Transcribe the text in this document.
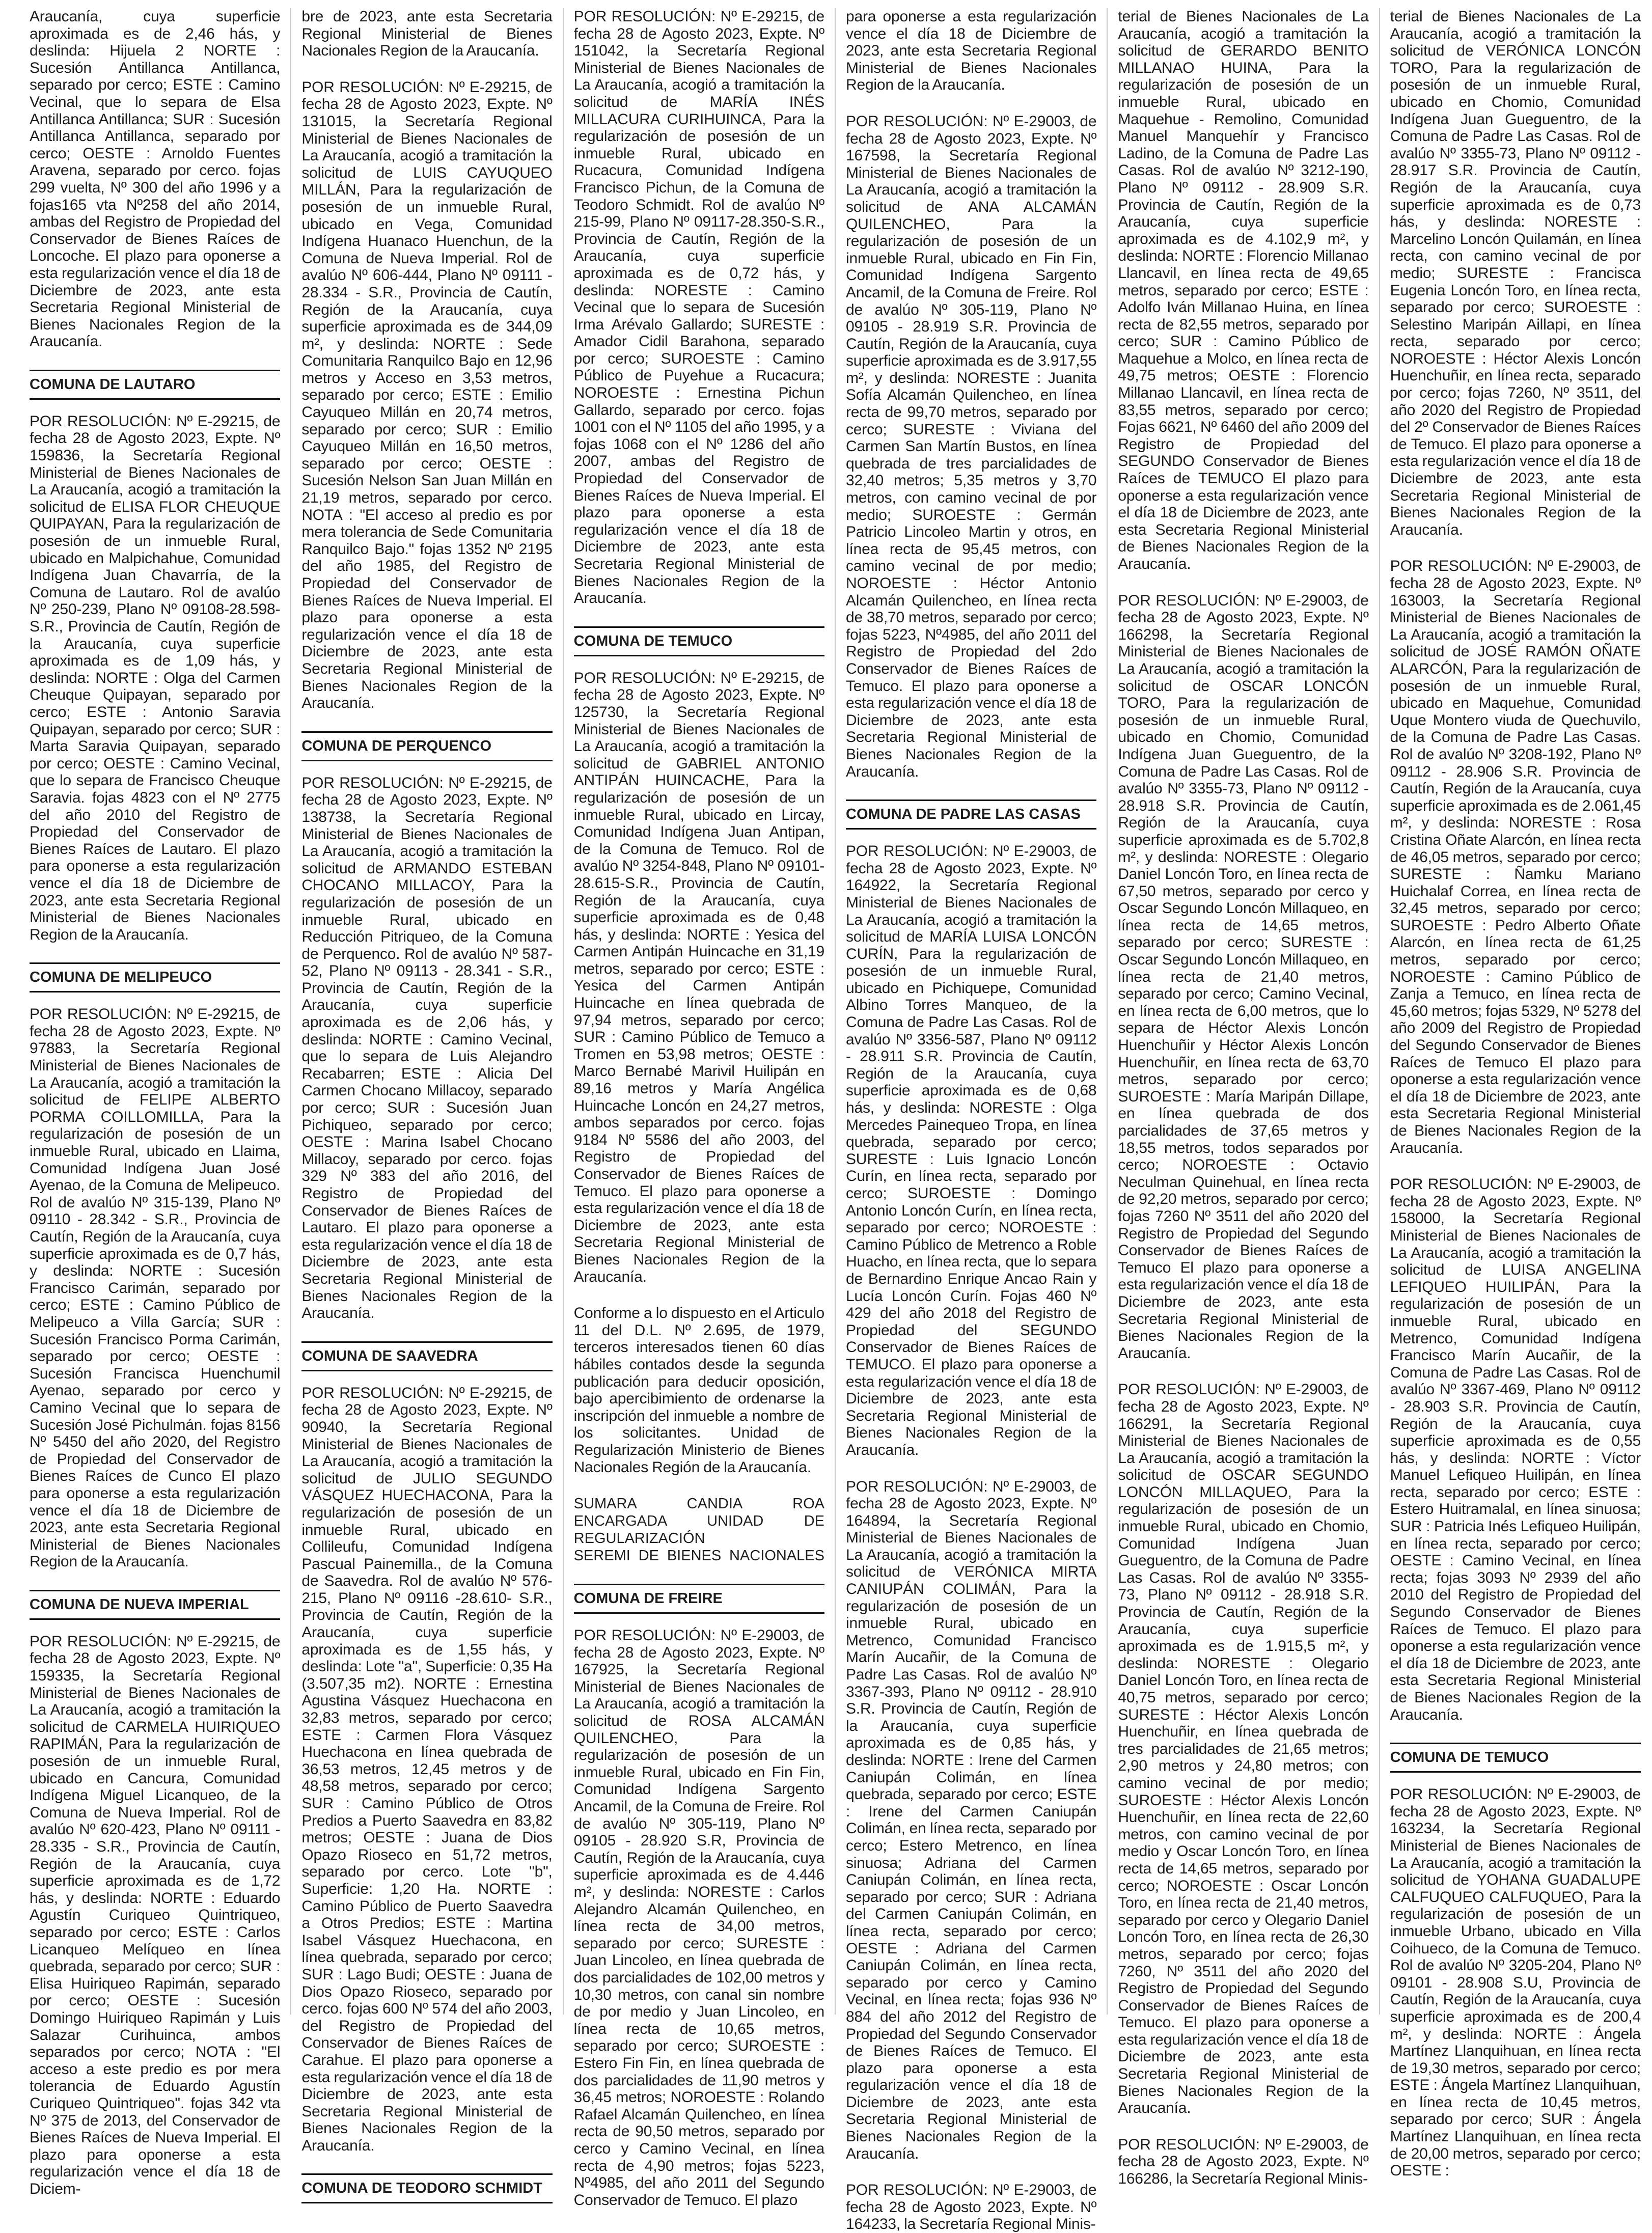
Araucanía, cuya superficie aproximada es de 2,46 hás, y deslinda: Hijuela 2 NORTE : Sucesión Antillanca Antillanca, separado por cerco; ESTE : Camino Vecinal, que lo separa de Elsa Antillanca Antillanca; SUR : Sucesión Antillanca Antillanca, separado por cerco; OESTE : Arnoldo Fuentes Aravena, separado por cerco. fojas 299 vuelta, Nº 300 del año 1996 y a fojas165 vta Nº258 del año 2014, ambas del Registro de Propiedad del Conservador de Bienes Raíces de Loncoche. El plazo para oponerse a esta regularización vence el día 18 de Diciembre de 2023, ante esta Secretaria Regional Ministerial de Bienes Nacionales Region de la Araucanía.

COMUNA DE LAUTARO

POR RESOLUCIÓN: Nº E-29215, de fecha 28 de Agosto 2023, Expte. Nº 159836, la Secretaría Regional Ministerial de Bienes Nacionales de La Araucanía, acogió a tramitación la solicitud de ELISA FLOR CHEUQUE QUIPAYAN, Para la regularización de posesión de un inmueble Rural, ubicado en Malpichahue, Comunidad Indígena Juan Chavarría, de la Comuna de Lautaro. Rol de avalúo Nº 250-239, Plano Nº 09108-28.598-S.R., Provincia de Cautín, Región de la Araucanía, cuya superficie aproximada es de 1,09 hás, y deslinda: NORTE : Olga del Carmen Cheuque Quipayan, separado por cerco; ESTE : Antonio Saravia Quipayan, separado por cerco; SUR : Marta Saravia Quipayan, separado por cerco; OESTE : Camino Vecinal, que lo separa de Francisco Cheuque Saravia. fojas 4823 con el Nº 2775 del año 2010 del Registro de Propiedad del Conservador de Bienes Raíces de Lautaro. El plazo para oponerse a esta regularización vence el día 18 de Diciembre de 2023, ante esta Secretaria Regional Ministerial de Bienes Nacionales Region de la Araucanía.

COMUNA DE MELIPEUCO

POR RESOLUCIÓN: Nº E-29215, de fecha 28 de Agosto 2023, Expte. Nº 97883, la Secretaría Regional Ministerial de Bienes Nacionales de La Araucanía, acogió a tramitación la solicitud de FELIPE ALBERTO PORMA COILLOMILLA, Para la regularización de posesión de un inmueble Rural, ubicado en Llaima, Comunidad Indígena Juan José Ayenao, de la Comuna de Melipeuco. Rol de avalúo Nº 315-139, Plano Nº 09110 - 28.342 - S.R., Provincia de Cautín, Región de la Araucanía, cuya superficie aproximada es de 0,7 hás, y deslinda: NORTE : Sucesión Francisco Carimán, separado por cerco; ESTE : Camino Público de Melipeuco a Villa García; SUR : Sucesión Francisco Porma Carimán, separado por cerco; OESTE : Sucesión Francisca Huenchumil Ayenao, separado por cerco y Camino Vecinal que lo separa de Sucesión José Pichulmán. fojas 8156 Nº 5450 del año 2020, del Registro de Propiedad del Conservador de Bienes Raíces de Cunco El plazo para oponerse a esta regularización vence el día 18 de Diciembre de 2023, ante esta Secretaria Regional Ministerial de Bienes Nacionales Region de la Araucanía.

COMUNA DE NUEVA IMPERIAL

POR RESOLUCIÓN: Nº E-29215, de fecha 28 de Agosto 2023, Expte. Nº 159335, la Secretaría Regional Ministerial de Bienes Nacionales de La Araucanía, acogió a tramitación la solicitud de CARMELA HUIRIQUEO RAPIMÁN, Para la regularización de posesión de un inmueble Rural, ubicado en Cancura, Comunidad Indígena Miguel Licanqueo, de la Comuna de Nueva Imperial. Rol de avalúo Nº 620-423, Plano Nº 09111 - 28.335 - S.R., Provincia de Cautín, Región de la Araucanía, cuya superficie aproximada es de 1,72 hás, y deslinda: NORTE : Eduardo Agustín Curiqueo Quintriqueo, separado por cerco; ESTE : Carlos Licanqueo Melíqueo en línea quebrada, separado por cerco; SUR : Elisa Huiriqueo Rapimán, separado por cerco; OESTE : Sucesión Domingo Huiriqueo Rapimán y Luis Salazar Curihuinca, ambos separados por cerco; NOTA : "El acceso a este predio es por mera tolerancia de Eduardo Agustín Curiqueo Quintriqueo". fojas 342 vta Nº 375 de 2013, del Conservador de Bienes Raíces de Nueva Imperial. El plazo para oponerse a esta regularización vence el día 18 de Diciem-

bre de 2023, ante esta Secretaria Regional Ministerial de Bienes Nacionales Region de la Araucanía.

POR RESOLUCIÓN: Nº E-29215, de fecha 28 de Agosto 2023, Expte. Nº 131015, la Secretaría Regional Ministerial de Bienes Nacionales de La Araucanía, acogió a tramitación la solicitud de LUIS CAYUQUEO MILLÁN, Para la regularización de posesión de un inmueble Rural, ubicado en Vega, Comunidad Indígena Huanaco Huenchun, de la Comuna de Nueva Imperial. Rol de avalúo Nº 606-444, Plano Nº 09111 - 28.334 - S.R., Provincia de Cautín, Región de la Araucanía, cuya superficie aproximada es de 344,09 m², y deslinda: NORTE : Sede Comunitaria Ranquilco Bajo en 12,96 metros y Acceso en 3,53 metros, separado por cerco; ESTE : Emilio Cayuqueo Millán en 20,74 metros, separado por cerco; SUR : Emilio Cayuqueo Millán en 16,50 metros, separado por cerco; OESTE : Sucesión Nelson San Juan Millán en 21,19 metros, separado por cerco. NOTA : "El acceso al predio es por mera tolerancia de Sede Comunitaria Ranquilco Bajo." fojas 1352 Nº 2195 del año 1985, del Registro de Propiedad del Conservador de Bienes Raíces de Nueva Imperial. El plazo para oponerse a esta regularización vence el día 18 de Diciembre de 2023, ante esta Secretaria Regional Ministerial de Bienes Nacionales Region de la Araucanía.

COMUNA DE PERQUENCO

POR RESOLUCIÓN: Nº E-29215, de fecha 28 de Agosto 2023, Expte. Nº 138738, la Secretaría Regional Ministerial de Bienes Nacionales de La Araucanía, acogió a tramitación la solicitud de ARMANDO ESTEBAN CHOCANO MILLACOY, Para la regularización de posesión de un inmueble Rural, ubicado en Reducción Pitriqueo, de la Comuna de Perquenco. Rol de avalúo Nº 587-52, Plano Nº 09113 - 28.341 - S.R., Provincia de Cautín, Región de la Araucanía, cuya superficie aproximada es de 2,06 hás, y deslinda: NORTE : Camino Vecinal, que lo separa de Luis Alejandro Recabarren; ESTE : Alicia Del Carmen Chocano Millacoy, separado por cerco; SUR : Sucesión Juan Pichiqueo, separado por cerco; OESTE : Marina Isabel Chocano Millacoy, separado por cerco. fojas 329 Nº 383 del año 2016, del Registro de Propiedad del Conservador de Bienes Raíces de Lautaro. El plazo para oponerse a esta regularización vence el día 18 de Diciembre de 2023, ante esta Secretaria Regional Ministerial de Bienes Nacionales Region de la Araucanía.

COMUNA DE SAAVEDRA

POR RESOLUCIÓN: Nº E-29215, de fecha 28 de Agosto 2023, Expte. Nº 90940, la Secretaría Regional Ministerial de Bienes Nacionales de La Araucanía, acogió a tramitación la solicitud de JULIO SEGUNDO VÁSQUEZ HUECHACONA, Para la regularización de posesión de un inmueble Rural, ubicado en Collileufu, Comunidad Indígena Pascual Painemilla., de la Comuna de Saavedra. Rol de avalúo Nº 576-215, Plano Nº 09116 -28.610- S.R., Provincia de Cautín, Región de la Araucanía, cuya superficie aproximada es de 1,55 hás, y deslinda: Lote "a", Superficie: 0,35 Ha (3.507,35 m2). NORTE : Ernestina Agustina Vásquez Huechacona en 32,83 metros, separado por cerco; ESTE : Carmen Flora Vásquez Huechacona en línea quebrada de 36,53 metros, 12,45 metros y de 48,58 metros, separado por cerco; SUR : Camino Público de Otros Predios a Puerto Saavedra en 83,82 metros; OESTE : Juana de Dios Opazo Rioseco en 51,72 metros, separado por cerco. Lote "b", Superficie: 1,20 Ha. NORTE : Camino Público de Puerto Saavedra a Otros Predios; ESTE : Martina Isabel Vásquez Huechacona, en línea quebrada, separado por cerco; SUR : Lago Budi; OESTE : Juana de Dios Opazo Rioseco, separado por cerco. fojas 600 Nº 574 del año 2003, del Registro de Propiedad del Conservador de Bienes Raíces de Carahue. El plazo para oponerse a esta regularización vence el día 18 de Diciembre de 2023, ante esta Secretaria Regional Ministerial de Bienes Nacionales Region de la Araucanía.

COMUNA DE TEODORO SCHMIDT

POR RESOLUCIÓN: Nº E-29215, de fecha 28 de Agosto 2023, Expte. Nº 151042, la Secretaría Regional Ministerial de Bienes Nacionales de La Araucanía, acogió a tramitación la solicitud de MARÍA INÉS MILLACURA CURIHUINCA, Para la regularización de posesión de un inmueble Rural, ubicado en Rucacura, Comunidad Indígena Francisco Pichun, de la Comuna de Teodoro Schmidt. Rol de avalúo Nº 215-99, Plano Nº 09117-28.350-S.R., Provincia de Cautín, Región de la Araucanía, cuya superficie aproximada es de 0,72 hás, y deslinda: NORESTE : Camino Vecinal que lo separa de Sucesión Irma Arévalo Gallardo; SURESTE : Amador Cidil Barahona, separado por cerco; SUROESTE : Camino Público de Puyehue a Rucacura; NOROESTE : Ernestina Pichun Gallardo, separado por cerco. fojas 1001 con el Nº 1105 del año 1995, y a fojas 1068 con el Nº 1286 del año 2007, ambas del Registro de Propiedad del Conservador de Bienes Raíces de Nueva Imperial. El plazo para oponerse a esta regularización vence el día 18 de Diciembre de 2023, ante esta Secretaria Regional Ministerial de Bienes Nacionales Region de la Araucanía.

COMUNA DE TEMUCO

POR RESOLUCIÓN: Nº E-29215, de fecha 28 de Agosto 2023, Expte. Nº 125730, la Secretaría Regional Ministerial de Bienes Nacionales de La Araucanía, acogió a tramitación la solicitud de GABRIEL ANTONIO ANTIPÁN HUINCACHE, Para la regularización de posesión de un inmueble Rural, ubicado en Lircay, Comunidad Indígena Juan Antipan, de la Comuna de Temuco. Rol de avalúo Nº 3254-848, Plano Nº 09101-28.615-S.R., Provincia de Cautín, Región de la Araucanía, cuya superficie aproximada es de 0,48 hás, y deslinda: NORTE : Yesica del Carmen Antipán Huincache en 31,19 metros, separado por cerco; ESTE : Yesica del Carmen Antipán Huincache en línea quebrada de 97,94 metros, separado por cerco; SUR : Camino Público de Temuco a Tromen en 53,98 metros; OESTE : Marco Bernabé Marivil Huilipán en 89,16 metros y María Angélica Huincache Loncón en 24,27 metros, ambos separados por cerco. fojas 9184 Nº 5586 del año 2003, del Registro de Propiedad del Conservador de Bienes Raíces de Temuco. El plazo para oponerse a esta regularización vence el día 18 de Diciembre de 2023, ante esta Secretaria Regional Ministerial de Bienes Nacionales Region de la Araucanía.

Conforme a lo dispuesto en el Articulo 11 del D.L. Nº 2.695, de 1979, terceros interesados tienen 60 días hábiles contados desde la segunda publicación para deducir oposición, bajo apercibimiento de ordenarse la inscripción del inmueble a nombre de los solicitantes. Unidad de Regularización Ministerio de Bienes Nacionales Región de la Araucanía.

SUMARA CANDIA ROA
ENCARGADA UNIDAD DE
REGULARIZACIÓN
SEREMI DE BIENES NACIONALES
COMUNA DE FREIRE

POR RESOLUCIÓN: Nº E-29003, de fecha 28 de Agosto 2023, Expte. Nº 167925, la Secretaría Regional Ministerial de Bienes Nacionales de La Araucanía, acogió a tramitación la solicitud de ROSA ALCAMÁN QUILENCHEO, Para la regularización de posesión de un inmueble Rural, ubicado en Fin Fin, Comunidad Indígena Sargento Ancamil, de la Comuna de Freire. Rol de avalúo Nº 305-119, Plano Nº 09105 - 28.920 S.R, Provincia de Cautín, Región de la Araucanía, cuya superficie aproximada es de 4.446 m², y deslinda: NORESTE : Carlos Alejandro Alcamán Quilencheo, en línea recta de 34,00 metros, separado por cerco; SURESTE : Juan Lincoleo, en línea quebrada de dos parcialidades de 102,00 metros y 10,30 metros, con canal sin nombre de por medio y Juan Lincoleo, en línea recta de 10,65 metros, separado por cerco; SUROESTE : Estero Fin Fin, en línea quebrada de dos parcialidades de 11,90 metros y 36,45 metros; NOROESTE : Rolando Rafael Alcamán Quilencheo, en línea recta de 90,50 metros, separado por cerco y Camino Vecinal, en línea recta de 4,90 metros; fojas 5223, Nº4985, del año 2011 del Segundo Conservador de Temuco. El plazo

para oponerse a esta regularización vence el día 18 de Diciembre de 2023, ante esta Secretaria Regional Ministerial de Bienes Nacionales Region de la Araucanía.

POR RESOLUCIÓN: Nº E-29003, de fecha 28 de Agosto 2023, Expte. Nº 167598, la Secretaría Regional Ministerial de Bienes Nacionales de La Araucanía, acogió a tramitación la solicitud de ANA ALCAMÁN QUILENCHEO, Para la regularización de posesión de un inmueble Rural, ubicado en Fin Fin, Comunidad Indígena Sargento Ancamil, de la Comuna de Freire. Rol de avalúo Nº 305-119, Plano Nº 09105 - 28.919 S.R. Provincia de Cautín, Región de la Araucanía, cuya superficie aproximada es de 3.917,55 m², y deslinda: NORESTE : Juanita Sofía Alcamán Quilencheo, en línea recta de 99,70 metros, separado por cerco; SURESTE : Viviana del Carmen San Martín Bustos, en línea quebrada de tres parcialidades de 32,40 metros; 5,35 metros y 3,70 metros, con camino vecinal de por medio; SUROESTE : Germán Patricio Lincoleo Martin y otros, en línea recta de 95,45 metros, con camino vecinal de por medio; NOROESTE : Héctor Antonio Alcamán Quilencheo, en línea recta de 38,70 metros, separado por cerco; fojas 5223, Nº4985, del año 2011 del Registro de Propiedad del 2do Conservador de Bienes Raíces de Temuco. El plazo para oponerse a esta regularización vence el día 18 de Diciembre de 2023, ante esta Secretaria Regional Ministerial de Bienes Nacionales Region de la Araucanía.

COMUNA DE PADRE LAS CASAS

POR RESOLUCIÓN: Nº E-29003, de fecha 28 de Agosto 2023, Expte. Nº 164922, la Secretaría Regional Ministerial de Bienes Nacionales de La Araucanía, acogió a tramitación la solicitud de MARÍA LUISA LONCÓN CURÍN, Para la regularización de posesión de un inmueble Rural, ubicado en Pichiquepe, Comunidad Albino Torres Manqueo, de la Comuna de Padre Las Casas. Rol de avalúo Nº 3356-587, Plano Nº 09112 - 28.911 S.R. Provincia de Cautín, Región de la Araucanía, cuya superficie aproximada es de 0,68 hás, y deslinda: NORESTE : Olga Mercedes Painequeo Tropa, en línea quebrada, separado por cerco; SURESTE : Luis Ignacio Loncón Curín, en línea recta, separado por cerco; SUROESTE : Domingo Antonio Loncón Curín, en línea recta, separado por cerco; NOROESTE : Camino Público de Metrenco a Roble Huacho, en línea recta, que lo separa de Bernardino Enrique Ancao Rain y Lucía Loncón Curín. Fojas 460 Nº 429 del año 2018 del Registro de Propiedad del SEGUNDO Conservador de Bienes Raíces de TEMUCO. El plazo para oponerse a esta regularización vence el día 18 de Diciembre de 2023, ante esta Secretaria Regional Ministerial de Bienes Nacionales Region de la Araucanía.

POR RESOLUCIÓN: Nº E-29003, de fecha 28 de Agosto 2023, Expte. Nº 164894, la Secretaría Regional Ministerial de Bienes Nacionales de La Araucanía, acogió a tramitación la solicitud de VERÓNICA MIRTA CANIUPÁN COLIMÁN, Para la regularización de posesión de un inmueble Rural, ubicado en Metrenco, Comunidad Francisco Marín Aucañir, de la Comuna de Padre Las Casas. Rol de avalúo Nº 3367-393, Plano Nº 09112 - 28.910 S.R. Provincia de Cautín, Región de la Araucanía, cuya superficie aproximada es de 0,85 hás, y deslinda: NORTE : Irene del Carmen Caniupán Colimán, en línea quebrada, separado por cerco; ESTE : Irene del Carmen Caniupán Colimán, en línea recta, separado por cerco; Estero Metrenco, en línea sinuosa; Adriana del Carmen Caniupán Colimán, en línea recta, separado por cerco; SUR : Adriana del Carmen Caniupán Colimán, en línea recta, separado por cerco; OESTE : Adriana del Carmen Caniupán Colimán, en línea recta, separado por cerco y Camino Vecinal, en línea recta; fojas 936 Nº 884 del año 2012 del Registro de Propiedad del Segundo Conservador de Bienes Raíces de Temuco. El plazo para oponerse a esta regularización vence el día 18 de Diciembre de 2023, ante esta Secretaria Regional Ministerial de Bienes Nacionales Region de la Araucanía.

POR RESOLUCIÓN: Nº E-29003, de fecha 28 de Agosto 2023, Expte. Nº 164233, la Secretaría Regional Minis-

terial de Bienes Nacionales de La Araucanía, acogió a tramitación la solicitud de GERARDO BENITO MILLANAO HUINA, Para la regularización de posesión de un inmueble Rural, ubicado en Maquehue - Remolino, Comunidad Manuel Manquehír y Francisco Ladino, de la Comuna de Padre Las Casas. Rol de avalúo Nº 3212-190, Plano Nº 09112 - 28.909 S.R. Provincia de Cautín, Región de la Araucanía, cuya superficie aproximada es de 4.102,9 m², y deslinda: NORTE : Florencio Millanao Llancavil, en línea recta de 49,65 metros, separado por cerco; ESTE : Adolfo Iván Millanao Huina, en línea recta de 82,55 metros, separado por cerco; SUR : Camino Público de Maquehue a Molco, en línea recta de 49,75 metros; OESTE : Florencio Millanao Llancavil, en línea recta de 83,55 metros, separado por cerco; Fojas 6621, Nº 6460 del año 2009 del Registro de Propiedad del SEGUNDO Conservador de Bienes Raíces de TEMUCO El plazo para oponerse a esta regularización vence el día 18 de Diciembre de 2023, ante esta Secretaria Regional Ministerial de Bienes Nacionales Region de la Araucanía.

POR RESOLUCIÓN: Nº E-29003, de fecha 28 de Agosto 2023, Expte. Nº 166298, la Secretaría Regional Ministerial de Bienes Nacionales de La Araucanía, acogió a tramitación la solicitud de OSCAR LONCÓN TORO, Para la regularización de posesión de un inmueble Rural, ubicado en Chomio, Comunidad Indígena Juan Gueguentro, de la Comuna de Padre Las Casas. Rol de avalúo Nº 3355-73, Plano Nº 09112 - 28.918 S.R. Provincia de Cautín, Región de la Araucanía, cuya superficie aproximada es de 5.702,8 m², y deslinda: NORESTE : Olegario Daniel Loncón Toro, en línea recta de 67,50 metros, separado por cerco y Oscar Segundo Loncón Millaqueo, en línea recta de 14,65 metros, separado por cerco; SURESTE : Oscar Segundo Loncón Millaqueo, en línea recta de 21,40 metros, separado por cerco; Camino Vecinal, en línea recta de 6,00 metros, que lo separa de Héctor Alexis Loncón Huenchuñir y Héctor Alexis Loncón Huenchuñir, en línea recta de 63,70 metros, separado por cerco; SUROESTE : María Maripán Dillape, en línea quebrada de dos parcialidades de 37,65 metros y 18,55 metros, todos separados por cerco; NOROESTE : Octavio Neculman Quinehual, en línea recta de 92,20 metros, separado por cerco; fojas 7260 Nº 3511 del año 2020 del Registro de Propiedad del Segundo Conservador de Bienes Raíces de Temuco El plazo para oponerse a esta regularización vence el día 18 de Diciembre de 2023, ante esta Secretaria Regional Ministerial de Bienes Nacionales Region de la Araucanía.

POR RESOLUCIÓN: Nº E-29003, de fecha 28 de Agosto 2023, Expte. Nº 166291, la Secretaría Regional Ministerial de Bienes Nacionales de La Araucanía, acogió a tramitación la solicitud de OSCAR SEGUNDO LONCÓN MILLAQUEO, Para la regularización de posesión de un inmueble Rural, ubicado en Chomio, Comunidad Indígena Juan Gueguentro, de la Comuna de Padre Las Casas. Rol de avalúo Nº 3355-73, Plano Nº 09112 - 28.918 S.R. Provincia de Cautín, Región de la Araucanía, cuya superficie aproximada es de 1.915,5 m², y deslinda: NORESTE : Olegario Daniel Loncón Toro, en línea recta de 40,75 metros, separado por cerco; SURESTE : Héctor Alexis Loncón Huenchuñir, en línea quebrada de tres parcialidades de 21,65 metros; 2,90 metros y 24,80 metros; con camino vecinal de por medio; SUROESTE : Héctor Alexis Loncón Huenchuñir, en línea recta de 22,60 metros, con camino vecinal de por medio y Oscar Loncón Toro, en línea recta de 14,65 metros, separado por cerco; NOROESTE : Oscar Loncón Toro, en línea recta de 21,40 metros, separado por cerco y Olegario Daniel Loncón Toro, en línea recta de 26,30 metros, separado por cerco; fojas 7260, Nº 3511 del año 2020 del Registro de Propiedad del Segundo Conservador de Bienes Raíces de Temuco. El plazo para oponerse a esta regularización vence el día 18 de Diciembre de 2023, ante esta Secretaria Regional Ministerial de Bienes Nacionales Region de la Araucanía.

POR RESOLUCIÓN: Nº E-29003, de fecha 28 de Agosto 2023, Expte. Nº 166286, la Secretaría Regional Minis-

terial de Bienes Nacionales de La Araucanía, acogió a tramitación la solicitud de VERÓNICA LONCÓN TORO, Para la regularización de posesión de un inmueble Rural, ubicado en Chomio, Comunidad Indígena Juan Gueguentro, de la Comuna de Padre Las Casas. Rol de avalúo Nº 3355-73, Plano Nº 09112 - 28.917 S.R. Provincia de Cautín, Región de la Araucanía, cuya superficie aproximada es de 0,73 hás, y deslinda: NORESTE : Marcelino Loncón Quilamán, en línea recta, con camino vecinal de por medio; SURESTE : Francisca Eugenia Loncón Toro, en línea recta, separado por cerco; SUROESTE : Selestino Maripán Aillapi, en línea recta, separado por cerco; NOROESTE : Héctor Alexis Loncón Huenchuñir, en línea recta, separado por cerco; fojas 7260, Nº 3511, del año 2020 del Registro de Propiedad del 2º Conservador de Bienes Raíces de Temuco. El plazo para oponerse a esta regularización vence el día 18 de Diciembre de 2023, ante esta Secretaria Regional Ministerial de Bienes Nacionales Region de la Araucanía.

POR RESOLUCIÓN: Nº E-29003, de fecha 28 de Agosto 2023, Expte. Nº 163003, la Secretaría Regional Ministerial de Bienes Nacionales de La Araucanía, acogió a tramitación la solicitud de JOSÉ RAMÓN OÑATE ALARCÓN, Para la regularización de posesión de un inmueble Rural, ubicado en Maquehue, Comunidad Uque Montero viuda de Quechuvilo, de la Comuna de Padre Las Casas. Rol de avalúo Nº 3208-192, Plano Nº 09112 - 28.906 S.R. Provincia de Cautín, Región de la Araucanía, cuya superficie aproximada es de 2.061,45 m², y deslinda: NORESTE : Rosa Cristina Oñate Alarcón, en línea recta de 46,05 metros, separado por cerco; SURESTE : Ñamku Mariano Huichalaf Correa, en línea recta de 32,45 metros, separado por cerco; SUROESTE : Pedro Alberto Oñate Alarcón, en línea recta de 61,25 metros, separado por cerco; NOROESTE : Camino Público de Zanja a Temuco, en línea recta de 45,60 metros; fojas 5329, Nº 5278 del año 2009 del Registro de Propiedad del Segundo Conservador de Bienes Raíces de Temuco El plazo para oponerse a esta regularización vence el día 18 de Diciembre de 2023, ante esta Secretaria Regional Ministerial de Bienes Nacionales Region de la Araucanía.

POR RESOLUCIÓN: Nº E-29003, de fecha 28 de Agosto 2023, Expte. Nº 158000, la Secretaría Regional Ministerial de Bienes Nacionales de La Araucanía, acogió a tramitación la solicitud de LUISA ANGELINA LEFIQUEO HUILIPÁN, Para la regularización de posesión de un inmueble Rural, ubicado en Metrenco, Comunidad Indígena Francisco Marín Aucañir, de la Comuna de Padre Las Casas. Rol de avalúo Nº 3367-469, Plano Nº 09112 - 28.903 S.R. Provincia de Cautín, Región de la Araucanía, cuya superficie aproximada es de 0,55 hás, y deslinda: NORTE : Víctor Manuel Lefiqueo Huilipán, en línea recta, separado por cerco; ESTE : Estero Huitramalal, en línea sinuosa; SUR : Patricia Inés Lefiqueo Huilipán, en línea recta, separado por cerco; OESTE : Camino Vecinal, en línea recta; fojas 3093 Nº 2939 del año 2010 del Registro de Propiedad del Segundo Conservador de Bienes Raíces de Temuco. El plazo para oponerse a esta regularización vence el día 18 de Diciembre de 2023, ante esta Secretaria Regional Ministerial de Bienes Nacionales Region de la Araucanía.

COMUNA DE TEMUCO

POR RESOLUCIÓN: Nº E-29003, de fecha 28 de Agosto 2023, Expte. Nº 163234, la Secretaría Regional Ministerial de Bienes Nacionales de La Araucanía, acogió a tramitación la solicitud de YOHANA GUADALUPE CALFUQUEO CALFUQUEO, Para la regularización de posesión de un inmueble Urbano, ubicado en Villa Coihueco, de la Comuna de Temuco. Rol de avalúo Nº 3205-204, Plano Nº 09101 - 28.908 S.U, Provincia de Cautín, Región de la Araucanía, cuya superficie aproximada es de 200,4 m², y deslinda: NORTE : Ángela Martínez Llanquihuan, en línea recta de 19,30 metros, separado por cerco; ESTE : Ángela Martínez Llanquihuan, en línea recta de 10,45 metros, separado por cerco; SUR : Ángela Martínez Llanquihuan, en línea recta de 20,00 metros, separado por cerco; OESTE :
